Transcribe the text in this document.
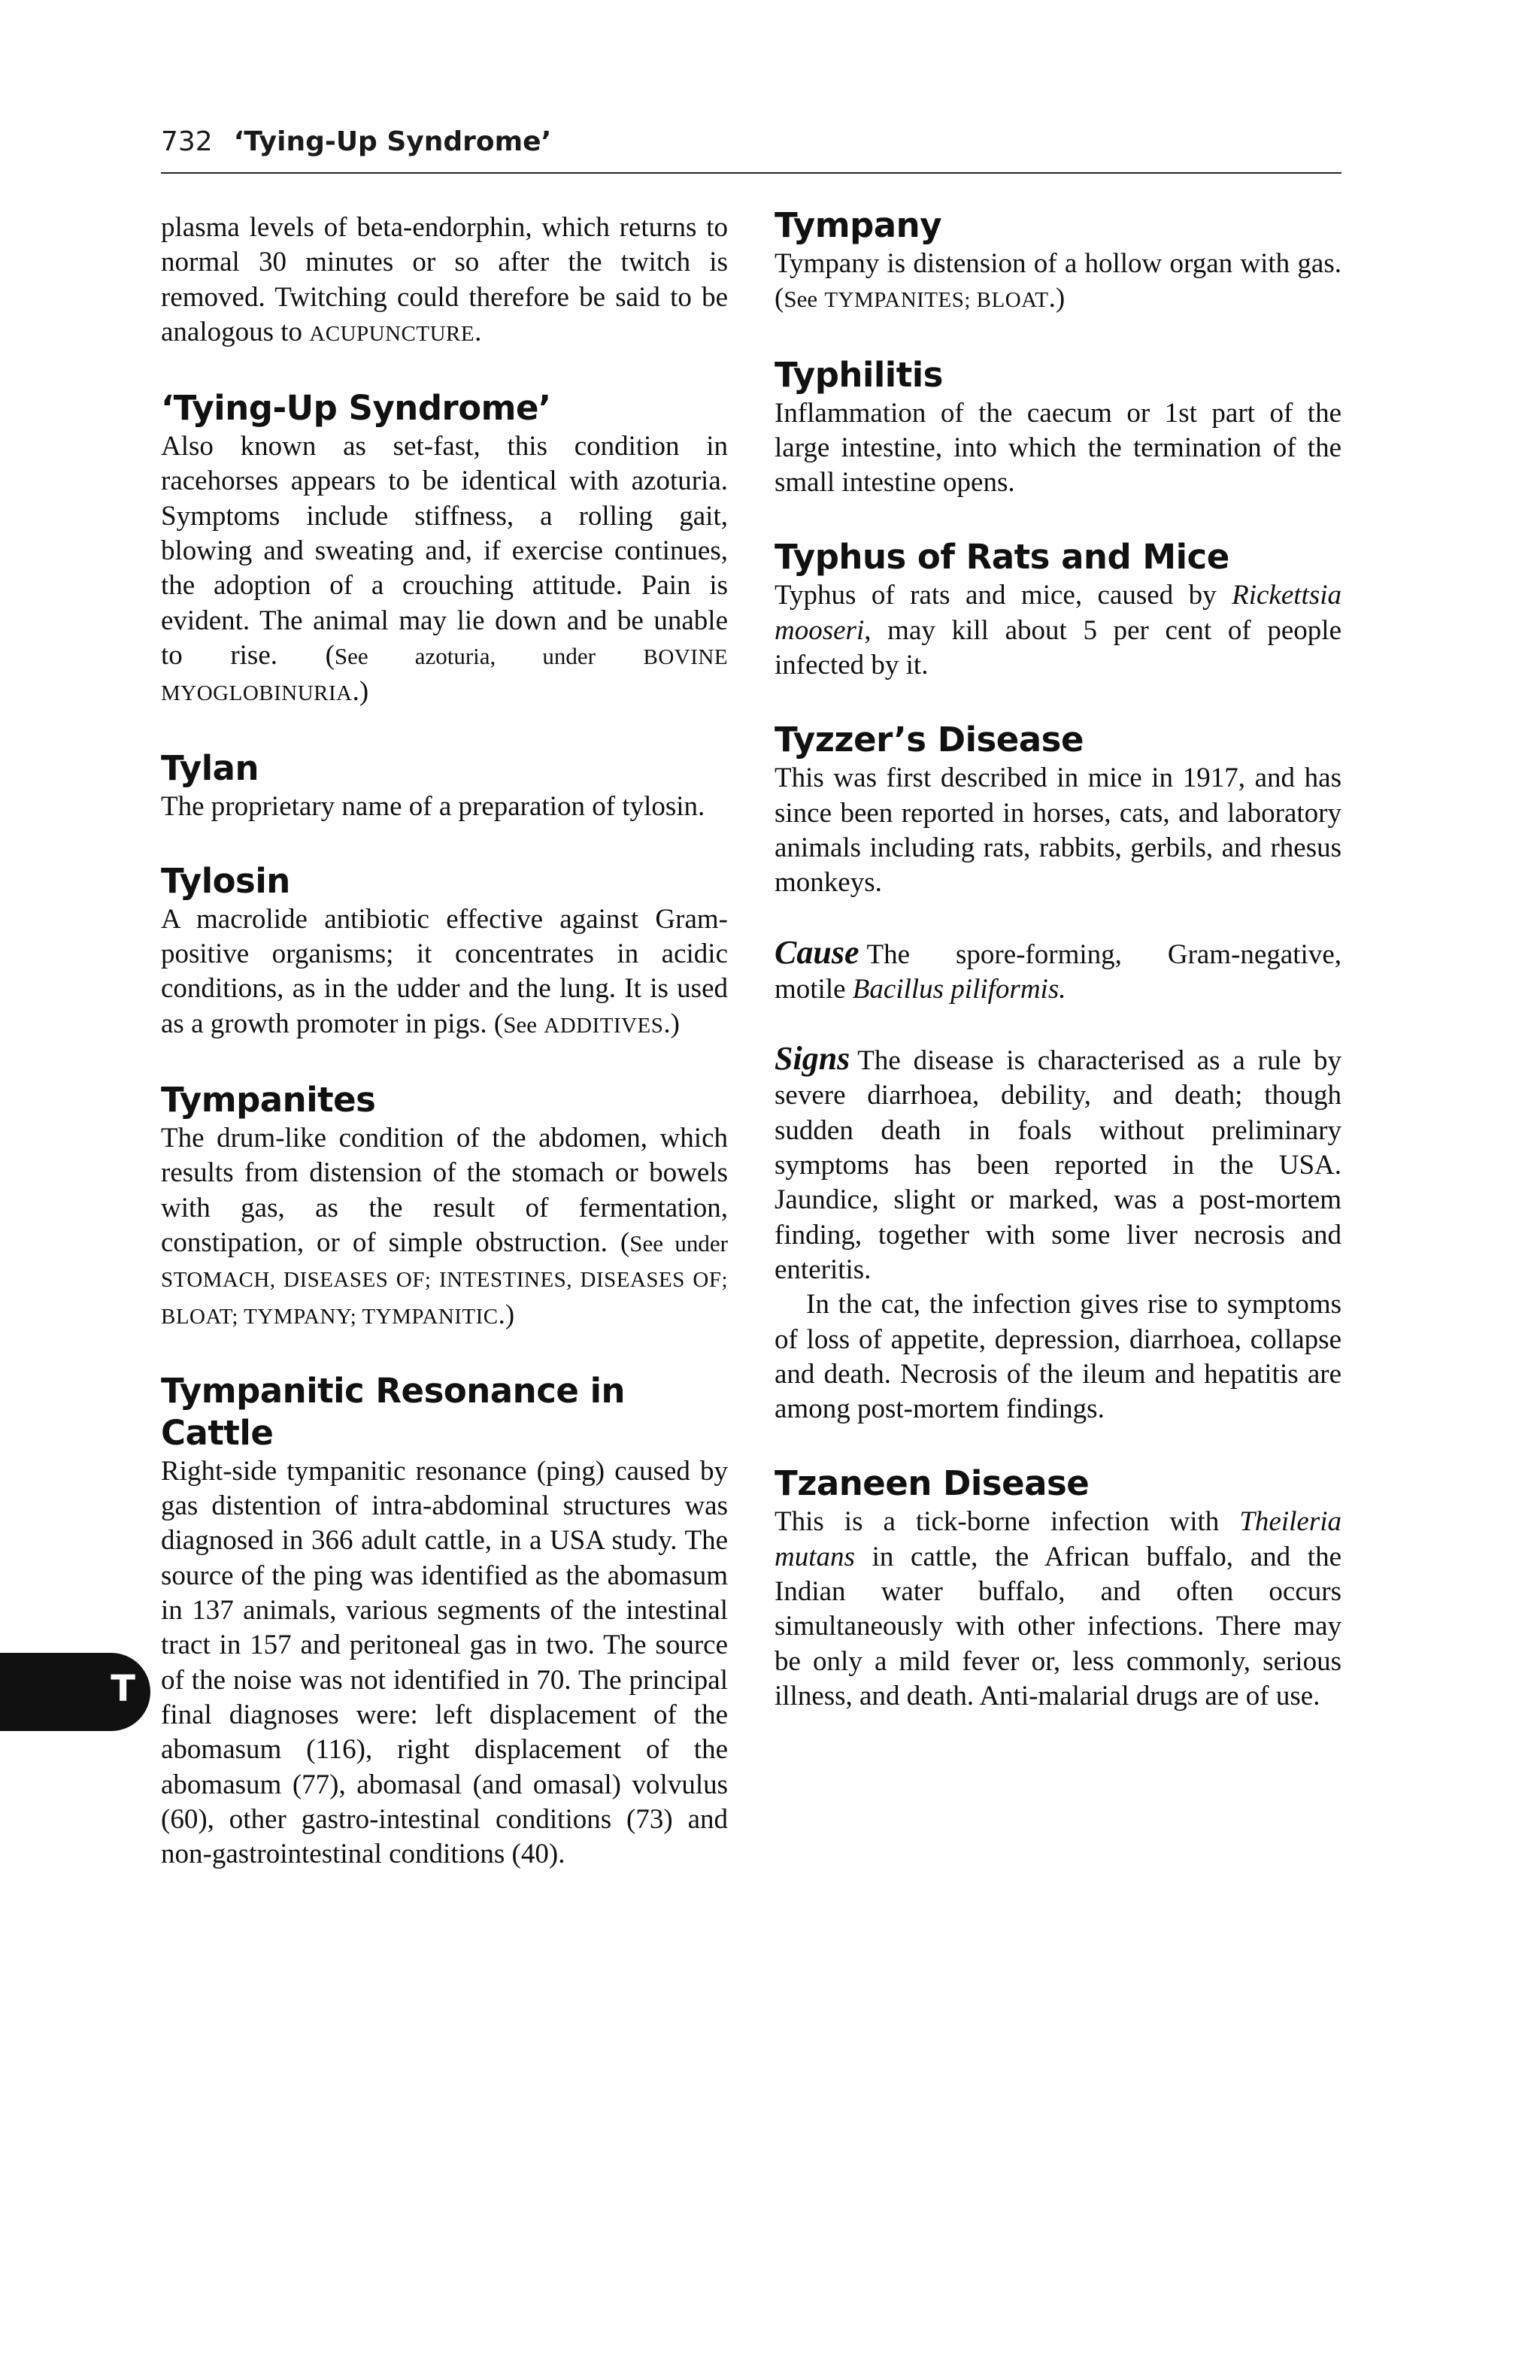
732 ‘Tying-Up Syndrome’
T

plasma levels of beta-endorphin, which returns to normal 30 minutes or so after the twitch is removed. Twitching could therefore be said to be analogous to ACUPUNCTURE.

‘Tying-Up Syndrome’

Also known as set-fast, this condition in racehorses appears to be identical with azoturia. Symptoms include stiffness, a rolling gait, blowing and sweating and, if exercise continues, the adoption of a crouching attitude. Pain is evident. The animal may lie down and be unable to rise. (See azoturia, under BOVINE MYOGLOBINURIA.)

Tylan

The proprietary name of a preparation of tylosin.

Tylosin

A macrolide antibiotic effective against Gram-positive organisms; it concentrates in acidic conditions, as in the udder and the lung. It is used as a growth promoter in pigs. (See ADDITIVES.)

Tympanites

The drum-like condition of the abdomen, which results from distension of the stomach or bowels with gas, as the result of fermentation, constipation, or of simple obstruction. (See under STOMACH, DISEASES OF; INTESTINES, DISEASES OF; BLOAT; TYMPANY; TYMPANITIC.)

Tympanitic Resonance in Cattle

Right-side tympanitic resonance (ping) caused by gas distention of intra-abdominal structures was diagnosed in 366 adult cattle, in a USA study. The source of the ping was identified as the abomasum in 137 animals, various segments of the intestinal tract in 157 and peritoneal gas in two. The source of the noise was not identified in 70. The principal final diagnoses were: left displacement of the abomasum (116), right displacement of the abomasum (77), abomasal (and omasal) volvulus (60), other gastro-intestinal conditions (73) and non-gastrointestinal conditions (40).

Tympany

Tympany is distension of a hollow organ with gas. (See TYMPANITES; BLOAT.)

Typhilitis

Inflammation of the caecum or 1st part of the large intestine, into which the termination of the small intestine opens.

Typhus of Rats and Mice

Typhus of rats and mice, caused by Rickettsia mooseri, may kill about 5 per cent of people infected by it.

Tyzzer’s Disease

This was first described in mice in 1917, and has since been reported in horses, cats, and laboratory animals including rats, rabbits, gerbils, and rhesus monkeys.

Cause The spore-forming, Gram-negative, motile Bacillus piliformis.

Signs The disease is characterised as a rule by severe diarrhoea, debility, and death; though sudden death in foals without preliminary symptoms has been reported in the USA. Jaundice, slight or marked, was a post-mortem finding, together with some liver necrosis and enteritis.

In the cat, the infection gives rise to symptoms of loss of appetite, depression, diarrhoea, collapse and death. Necrosis of the ileum and hepatitis are among post-mortem findings.

Tzaneen Disease

This is a tick-borne infection with Theileria mutans in cattle, the African buffalo, and the Indian water buffalo, and often occurs simultaneously with other infections. There may be only a mild fever or, less commonly, serious illness, and death. Anti-malarial drugs are of use.
